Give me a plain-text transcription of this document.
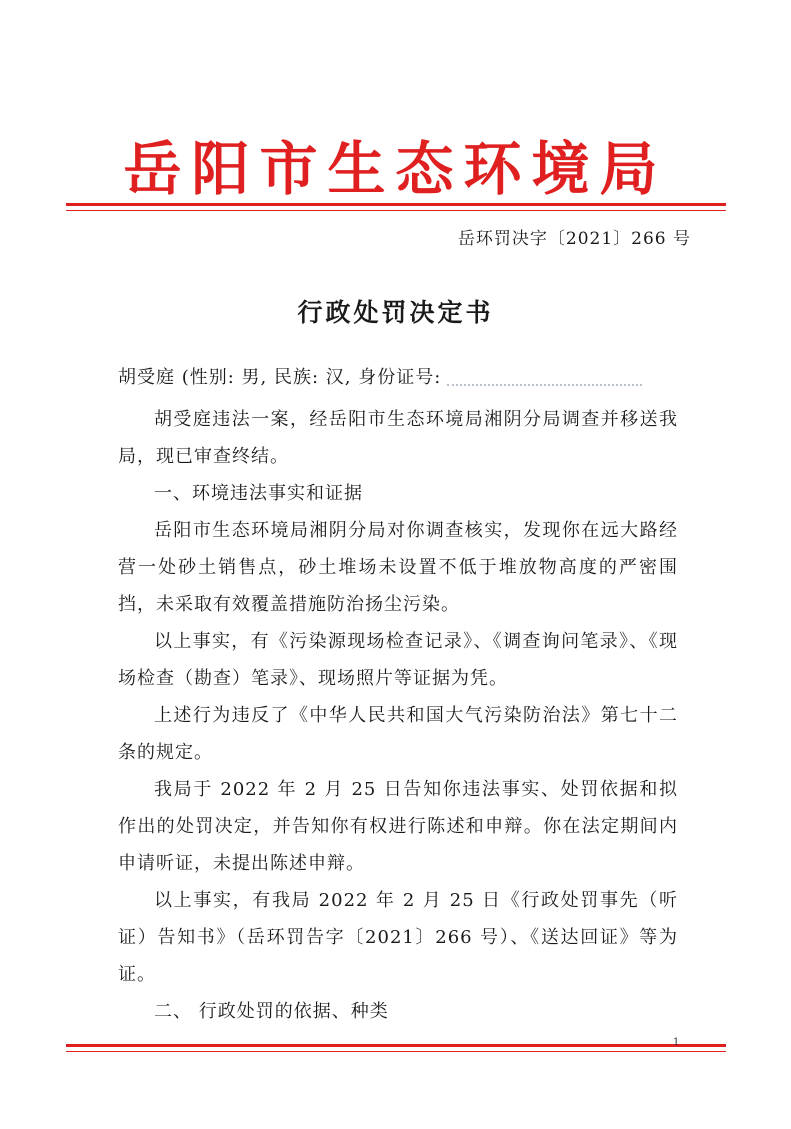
岳阳市生态环境局
岳环罚决字〔2021〕266 号
行政处罚决定书
胡受庭 (性别: 男, 民族: 汉, 身份证号:

胡受庭违法一案，经岳阳市生态环境局湘阴分局调查并移送我局，现已审查终结。

一、环境违法事实和证据

岳阳市生态环境局湘阴分局对你调查核实，发现你在远大路经营一处砂土销售点，砂土堆场未设置不低于堆放物高度的严密围挡，未采取有效覆盖措施防治扬尘污染。

以上事实，有《污染源现场检查记录》、《调查询问笔录》、《现场检查（勘查）笔录》、现场照片等证据为凭。

上述行为违反了《中华人民共和国大气污染防治法》第七十二条的规定。

我局于 2022 年 2 月 25 日告知你违法事实、处罚依据和拟作出的处罚决定，并告知你有权进行陈述和申辩。你在法定期间内申请听证，未提出陈述申辩。

以上事实，有我局 2022 年 2 月 25 日《行政处罚事先（听证）告知书》（岳环罚告字〔2021〕266 号）、《送达回证》等为证。

二、 行政处罚的依据、种类

1
